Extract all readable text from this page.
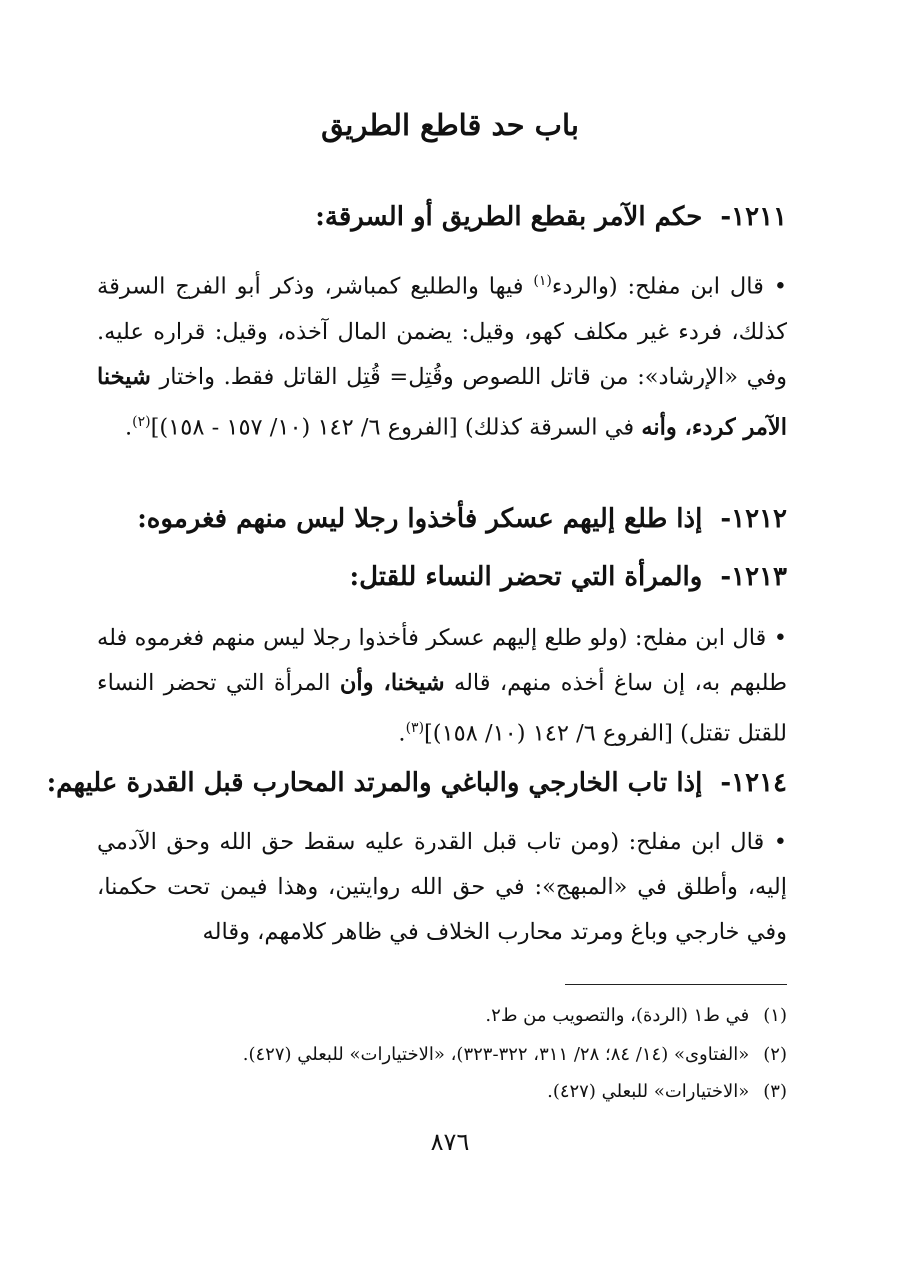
باب حد قاطع الطريق
١٢١١-حكم الآمر بقطع الطريق أو السرقة:

• قال ابن مفلح: (والردء$^{(١)}$ فيها والطليع كمباشر، وذكر أبو الفرج السرقة كذلك، فردء غير مكلف كهو، وقيل: يضمن المال آخذه، وقيل: قراره عليه. وفي «الإرشاد»: من قاتل اللصوص وقُتِل= قُتِل القاتل فقط. واختار شيخنا الآمر كردء، وأنه في السرقة كذلك) [الفروع ٦/ ١٤٢ (١٠/ ١٥٧ - ١٥٨)]$^{(٢)}$.

١٢١٢-إذا طلع إليهم عسكر فأخذوا رجلا ليس منهم فغرموه:
١٢١٣-والمرأة التي تحضر النساء للقتل:

• قال ابن مفلح: (ولو طلع إليهم عسكر فأخذوا رجلا ليس منهم فغرموه فله طلبهم به، إن ساغ أخذه منهم، قاله شيخنا، وأن المرأة التي تحضر النساء للقتل تقتل) [الفروع ٦/ ١٤٢ (١٠/ ١٥٨)]$^{(٣)}$.

١٢١٤-إذا تاب الخارجي والباغي والمرتد المحارب قبل القدرة عليهم:

• قال ابن مفلح: (ومن تاب قبل القدرة عليه سقط حق الله وحق الآدمي إليه، وأطلق في «المبهج»: في حق الله روايتين، وهذا فيمن تحت حكمنا، وفي خارجي وباغ ومرتد محارب الخلاف في ظاهر كلامهم، وقاله

(١)في ط١ (الردة)، والتصويب من ط٢.
(٢)«الفتاوى» (١٤/ ٨٤؛ ٢٨/ ٣١١، ٣٢٢-٣٢٣)، «الاختيارات» للبعلي (٤٢٧).
(٣)«الاختيارات» للبعلي (٤٢٧).
٨٧٦
